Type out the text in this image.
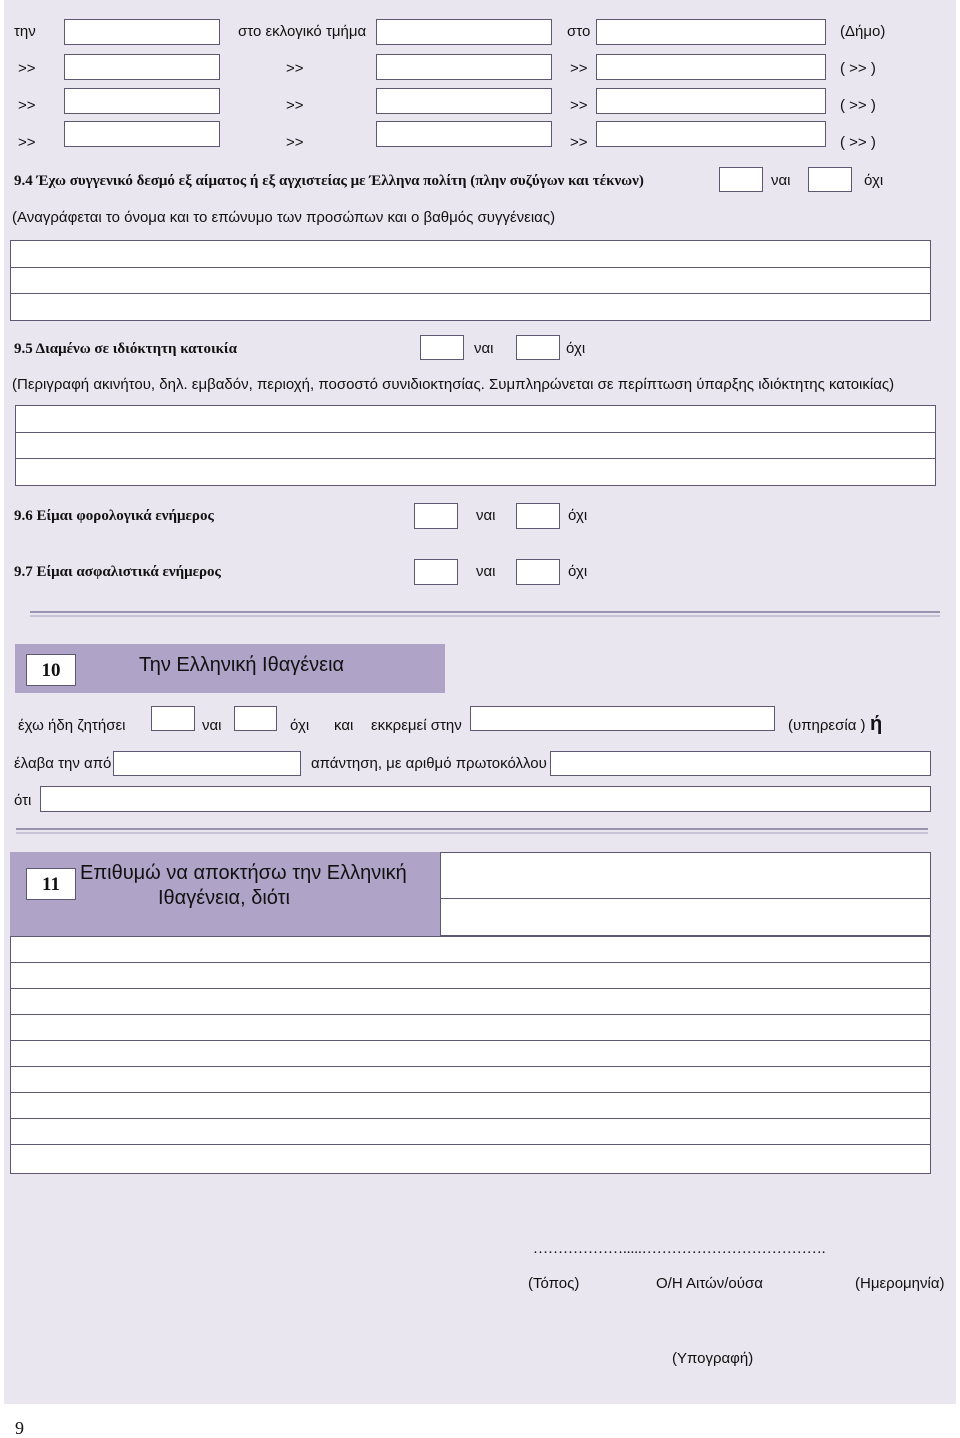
την	στο εκλογικό τμήμα	στο	(Δήμο)
>>	>>	>>	( >> )
>>	>>	>>	( >> )
>>	>>	>>	( >> )
9.4 Έχω συγγενικό δεσμό εξ αίματος ή εξ αγχιστείας με Έλληνα πολίτη (πλην συζύγων και τέκνων)	ναι	όχι
(Αναγράφεται το όνομα και το επώνυμο των προσώπων και ο βαθμός συγγένειας)
9.5 Διαμένω σε ιδιόκτητη κατοικία	ναι	όχι
(Περιγραφή ακινήτου, δηλ. εμβαδόν, περιοχή, ποσοστό συνιδιοκτησίας. Συμπληρώνεται σε περίπτωση ύπαρξης ιδιόκτητης κατοικίας)
9.6 Είμαι φορολογικά ενήμερος	ναι	όχι
9.7 Είμαι ασφαλιστικά ενήμερος	ναι	όχι
10	Την Ελληνική Ιθαγένεια
έχω ήδη ζητήσει	ναι	όχι και εκκρεμεί στην	(υπηρεσία ) ή
έλαβα την από	απάντηση, με αριθμό πρωτοκόλλου
ότι
11
Επιθυμώ να αποκτήσω την Ελληνική
Ιθαγένεια, διότι
……………….....……………………………….
(Τόπος)	Ο/Η Αιτών/ούσα	(Ημερομηνία)
(Υπογραφή)
9
